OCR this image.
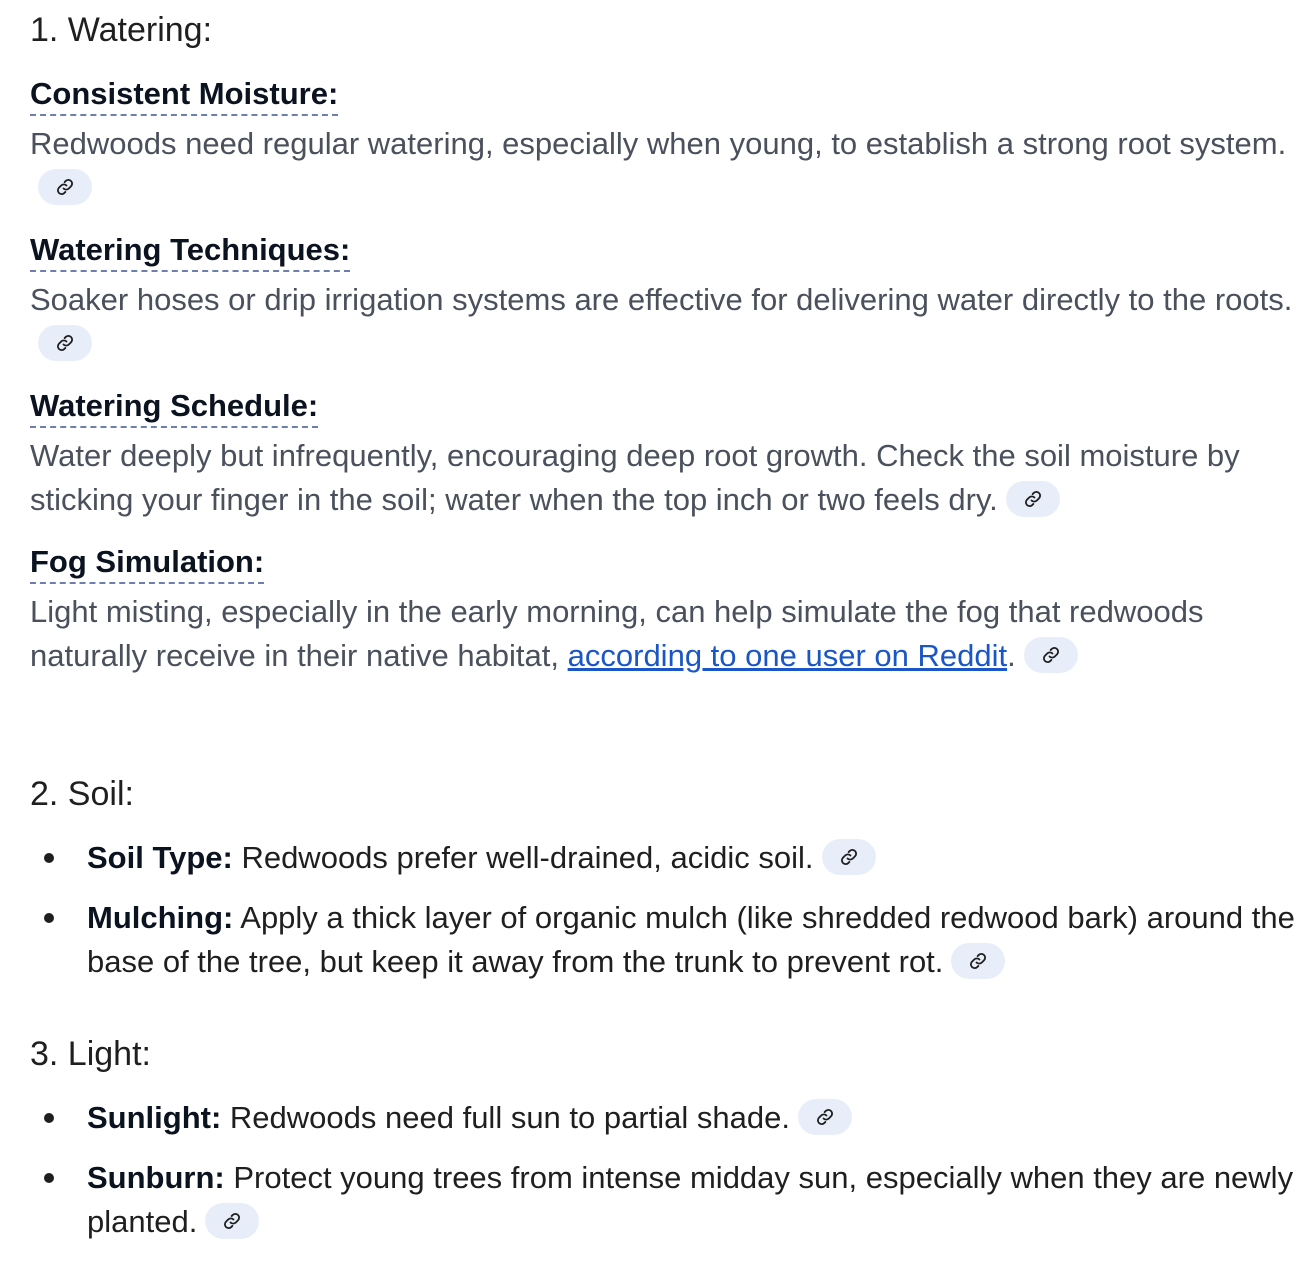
1. Watering:
Consistent Moisture:
Redwoods need regular watering, especially when young, to establish a strong root system.
Watering Techniques:
Soaker hoses or drip irrigation systems are effective for delivering water directly to the roots.
Watering Schedule:
Water deeply but infrequently, encouraging deep root growth. Check the soil moisture by sticking your finger in the soil; water when the top inch or two feels dry.
Fog Simulation:
Light misting, especially in the early morning, can help simulate the fog that redwoods naturally receive in their native habitat, according to one user on Reddit.
2. Soil:
Soil Type: Redwoods prefer well-drained, acidic soil.
Mulching: Apply a thick layer of organic mulch (like shredded redwood bark) around the base of the tree, but keep it away from the trunk to prevent rot.
3. Light:
Sunlight: Redwoods need full sun to partial shade.
Sunburn: Protect young trees from intense midday sun, especially when they are newly planted.
